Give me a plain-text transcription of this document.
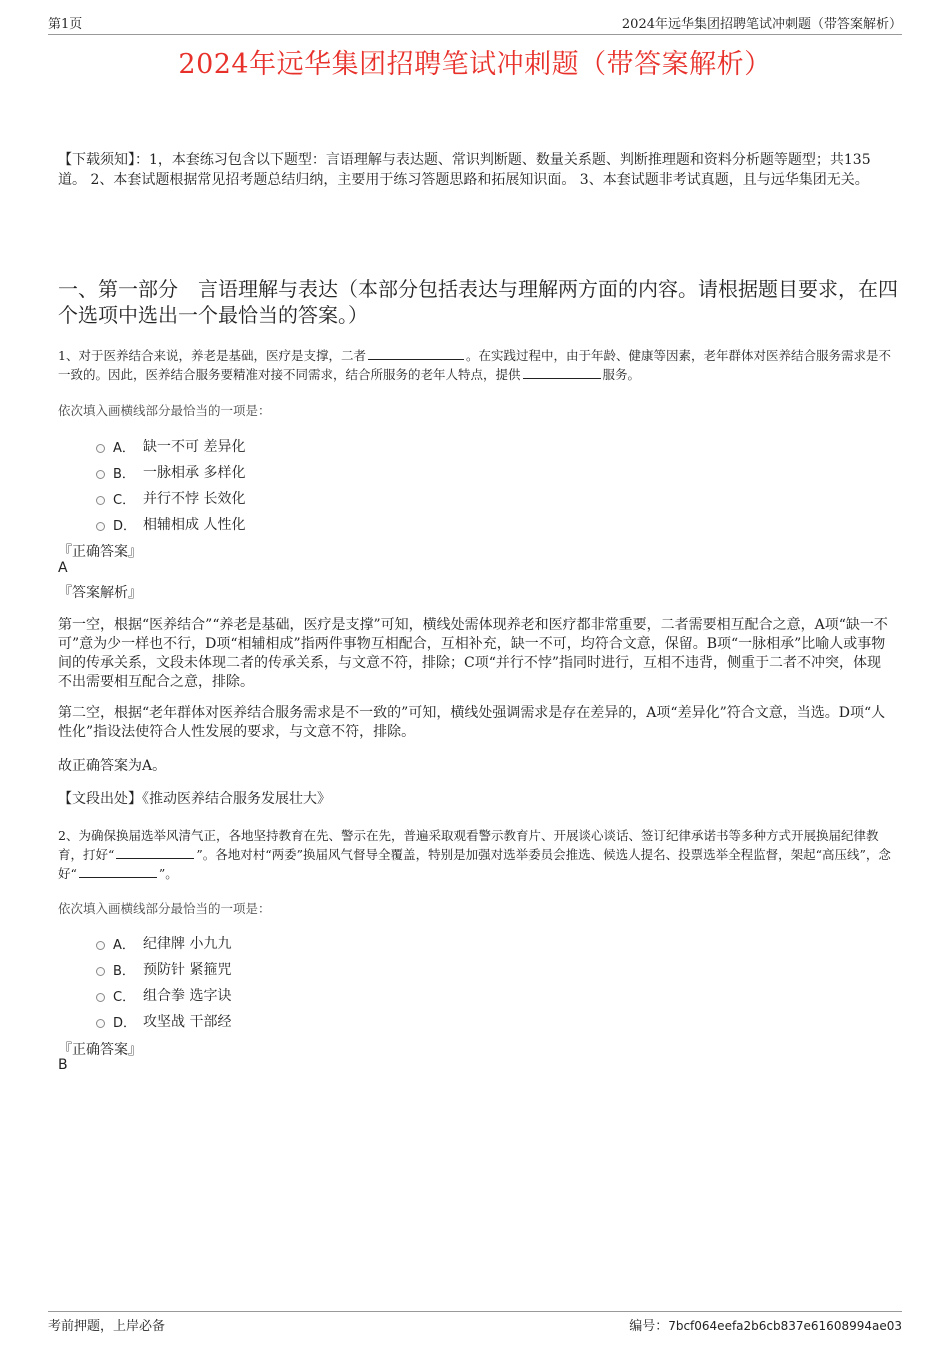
第1页	2024年远华集团招聘笔试冲刺题（带答案解析）
2024年远华集团招聘笔试冲刺题（带答案解析）
【下载须知】：1，本套练习包含以下题型：言语理解与表达题、常识判断题、数量关系题、判断推理题和资料分析题等题型；共135道。 2、本套试题根据常见招考题总结归纳，主要用于练习答题思路和拓展知识面。 3、本套试题非考试真题，且与远华集团无关。
一、第一部分　言语理解与表达（本部分包括表达与理解两方面的内容。请根据题目要求，在四个选项中选出一个最恰当的答案。）
1、对于医养结合来说，养老是基础，医疗是支撑，二者	。在实践过程中，由于年龄、健康等因素，老年群体对医养结合服务需求是不一致的。因此，医养结合服务要精准对接不同需求，结合所服务的老年人特点，提供	服务。
依次填入画横线部分最恰当的一项是：
A． 缺一不可 差异化
B． 一脉相承 多样化
C． 并行不悖 长效化
D． 相辅相成 人性化
『正确答案』
A
『答案解析』
第一空，根据“医养结合”“养老是基础，医疗是支撑”可知，横线处需体现养老和医疗都非常重要，二者需要相互配合之意，A项“缺一不可”意为少一样也不行，D项“相辅相成”指两件事物互相配合，互相补充，缺一不可，均符合文意，保留。B项“一脉相承”比喻人或事物间的传承关系，文段未体现二者的传承关系，与文意不符，排除；C项“并行不悖”指同时进行，互相不违背，侧重于二者不冲突，体现不出需要相互配合之意，排除。
第二空，根据“老年群体对医养结合服务需求是不一致的”可知，横线处强调需求是存在差异的，A项“差异化”符合文意，当选。D项“人性化”指设法使符合人性发展的要求，与文意不符，排除。
故正确答案为A。
【文段出处】《推动医养结合服务发展壮大》
2、为确保换届选举风清气正，各地坚持教育在先、警示在先，普遍采取观看警示教育片、开展谈心谈话、签订纪律承诺书等多种方式开展换届纪律教育，打好“	”。各地对村“两委”换届风气督导全覆盖，特别是加强对选举委员会推选、候选人提名、投票选举全程监督，架起“高压线”，念好“	”。
依次填入画横线部分最恰当的一项是：
A． 纪律牌 小九九
B． 预防针 紧箍咒
C． 组合拳 选字诀
D． 攻坚战 干部经
『正确答案』
B
考前押题，上岸必备	编号：7bcf064eefa2b6cb837e61608994ae03
